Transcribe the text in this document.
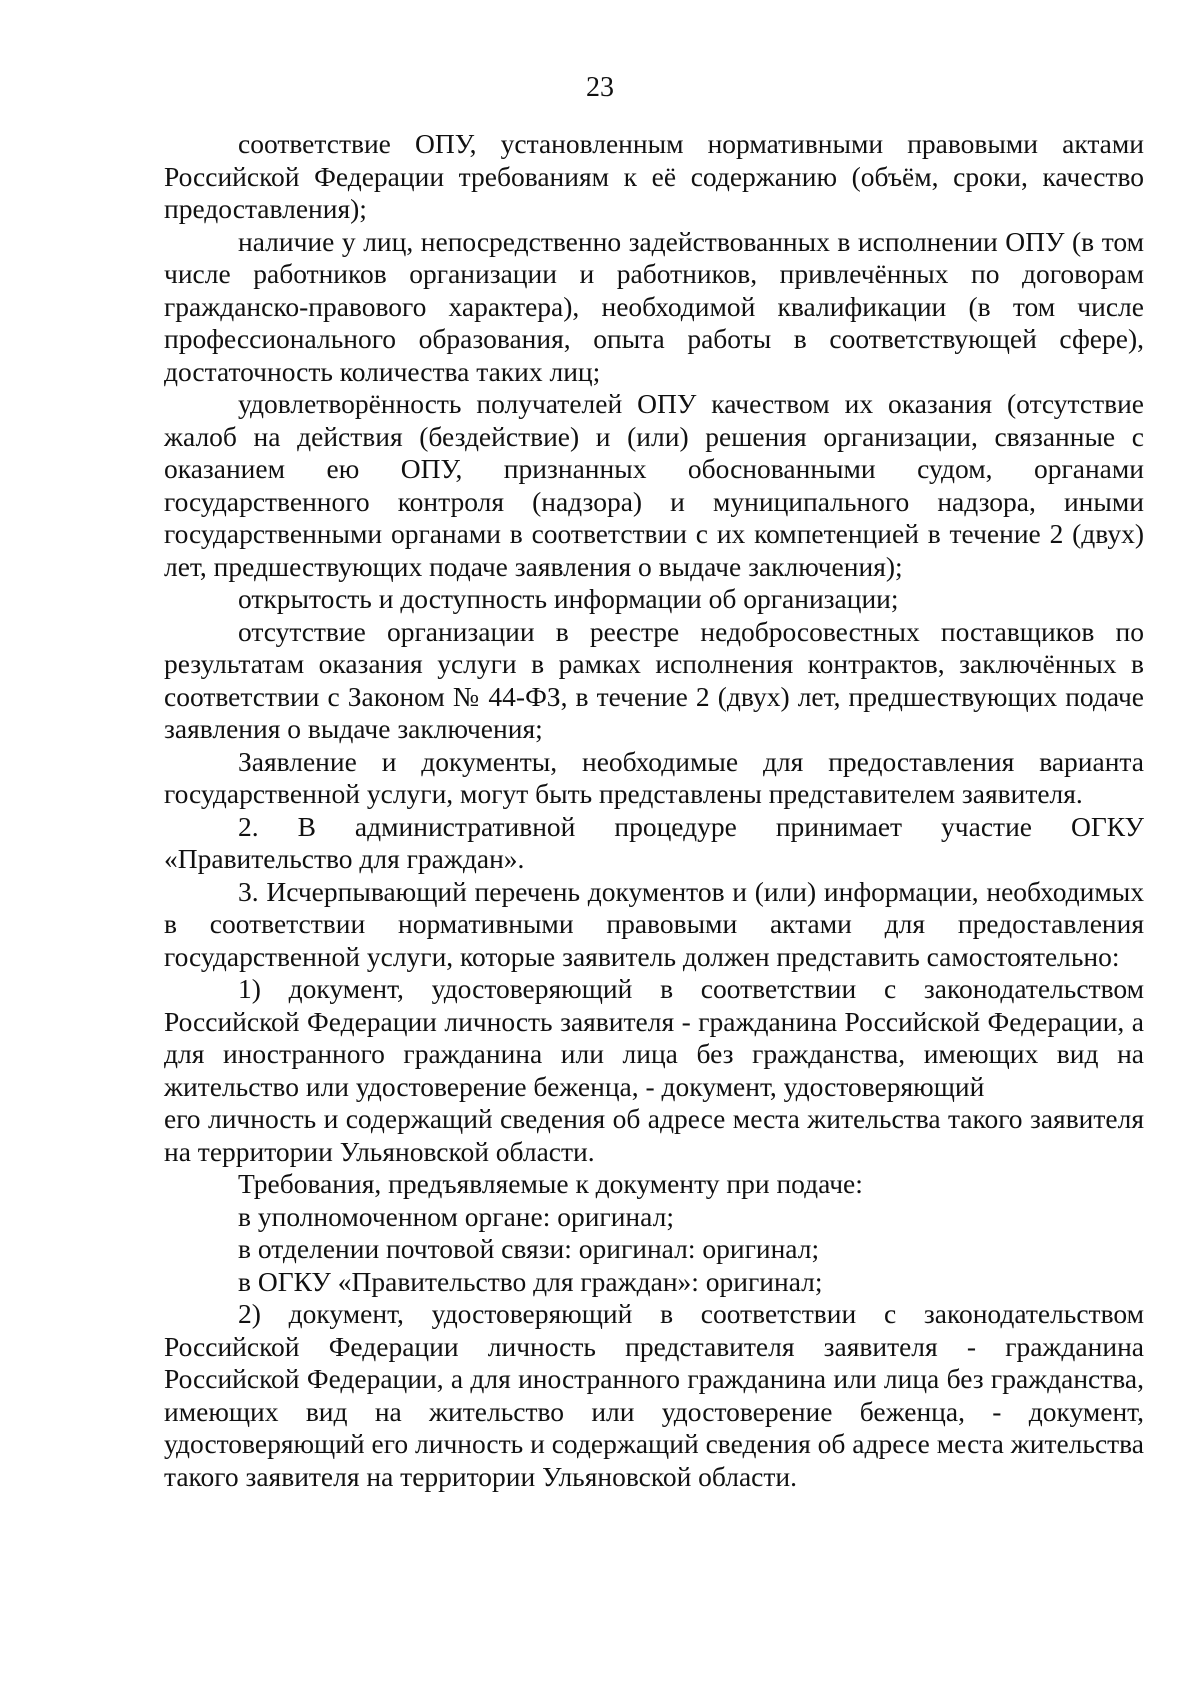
23

соответствие ОПУ, установленным нормативными правовыми актами Российской Федерации требованиям к её содержанию (объём, сроки, качество предоставления);

наличие у лиц, непосредственно задействованных в исполнении ОПУ (в том числе работников организации и работников, привлечённых по договорам гражданско-правового характера), необходимой квалификации (в том числе профессионального образования, опыта работы в соответствующей сфере), достаточность количества таких лиц;

удовлетворённость получателей ОПУ качеством их оказания (отсутствие жалоб на действия (бездействие) и (или) решения организации, связанные с оказанием ею ОПУ, признанных обоснованными судом, органами государственного контроля (надзора) и муниципального надзора, иными государственными органами в соответствии с их компетенцией в течение 2 (двух) лет, предшествующих подаче заявления о выдаче заключения);

открытость и доступность информации об организации;

отсутствие организации в реестре недобросовестных поставщиков по результатам оказания услуги в рамках исполнения контрактов, заключённых в соответствии с Законом № 44-ФЗ, в течение 2 (двух) лет, предшествующих подаче заявления о выдаче заключения;

Заявление и документы, необходимые для предоставления варианта государственной услуги, могут быть представлены представителем заявителя.

2. В административной процедуре принимает участие ОГКУ «Правительство для граждан».

3. Исчерпывающий перечень документов и (или) информации, необходимых в соответствии нормативными правовыми актами для предоставления государственной услуги, которые заявитель должен представить самостоятельно:

1) документ, удостоверяющий в соответствии с законодательством Российской Федерации личность заявителя - гражданина Российской Федерации, а для иностранного гражданина или лица без гражданства, имеющих вид на жительство или удостоверение беженца, - документ, удостоверяющий

его личность и содержащий сведения об адресе места жительства такого заявителя на территории Ульяновской области.

Требования, предъявляемые к документу при подаче:

в уполномоченном органе: оригинал;

в отделении почтовой связи: оригинал: оригинал;

в ОГКУ «Правительство для граждан»: оригинал;

2) документ, удостоверяющий в соответствии с законодательством Российской Федерации личность представителя заявителя - гражданина Российской Федерации, а для иностранного гражданина или лица без гражданства, имеющих вид на жительство или удостоверение беженца, - документ, удостоверяющий его личность и содержащий сведения об адресе места жительства такого заявителя на территории Ульяновской области.
